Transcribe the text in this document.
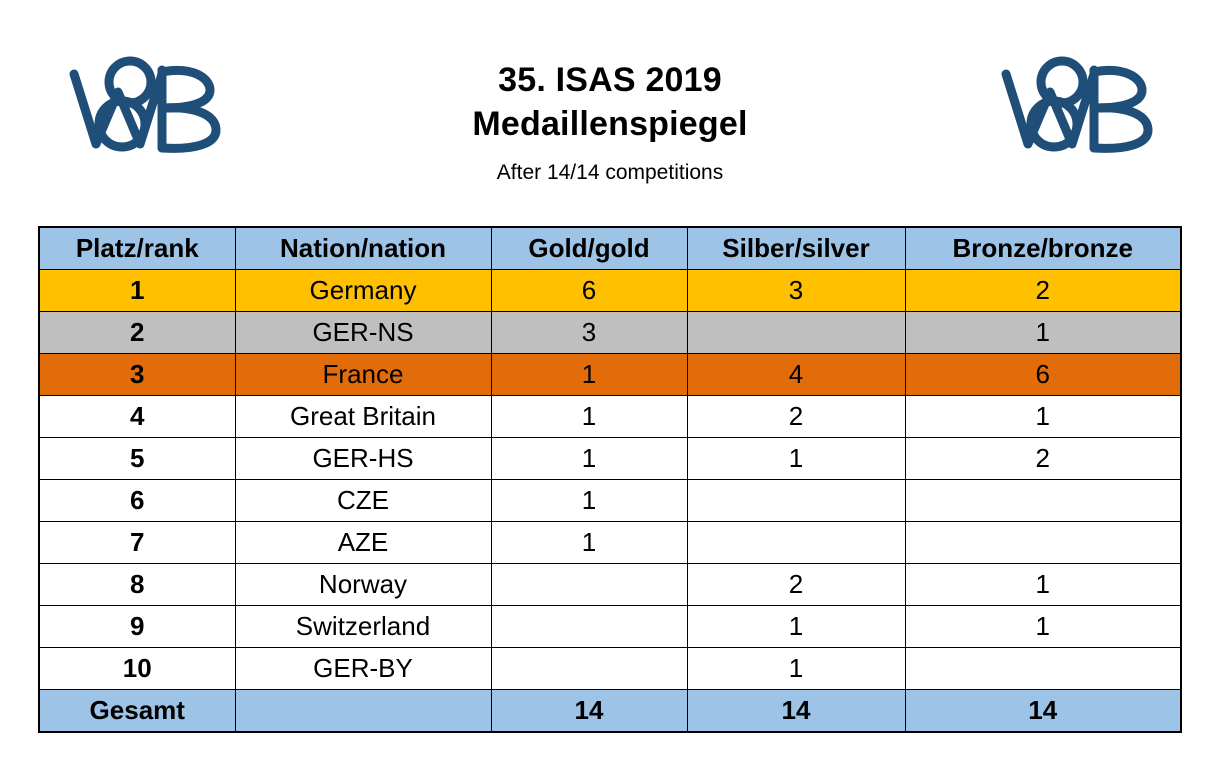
35. ISAS 2019
Medaillenspiegel
After 14/14 competitions
Platz/rank	Nation/nation	Gold/gold	Silber/silver	Bronze/bronze
1	Germany	6	3	2
2	GER-NS	3		1
3	France	1	4	6
4	Great Britain	1	2	1
5	GER-HS	1	1	2
6	CZE	1		
7	AZE	1		
8	Norway		2	1
9	Switzerland		1	1
10	GER-BY		1	
Gesamt		14	14	14
